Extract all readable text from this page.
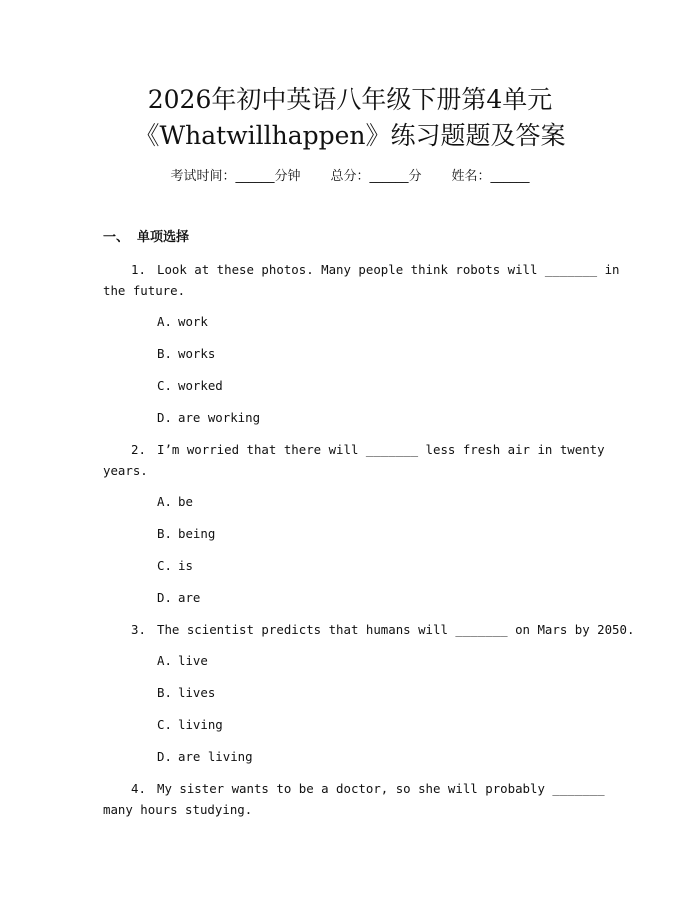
2026年初中英语八年级下册第4单元
《Whatwillhappen》练习题题及答案
考试时间：______分钟 总分：______分 姓名：______
一、 单项选择
1. Look at these photos. Many people think robots will _______ in
the future.
A. work
B. works
C. worked
D. are working
2. I’m worried that there will _______ less fresh air in twenty
years.
A. be
B. being
C. is
D. are
3. The scientist predicts that humans will _______ on Mars by 2050.
A. live
B. lives
C. living
D. are living
4. My sister wants to be a doctor, so she will probably _______
many hours studying.
